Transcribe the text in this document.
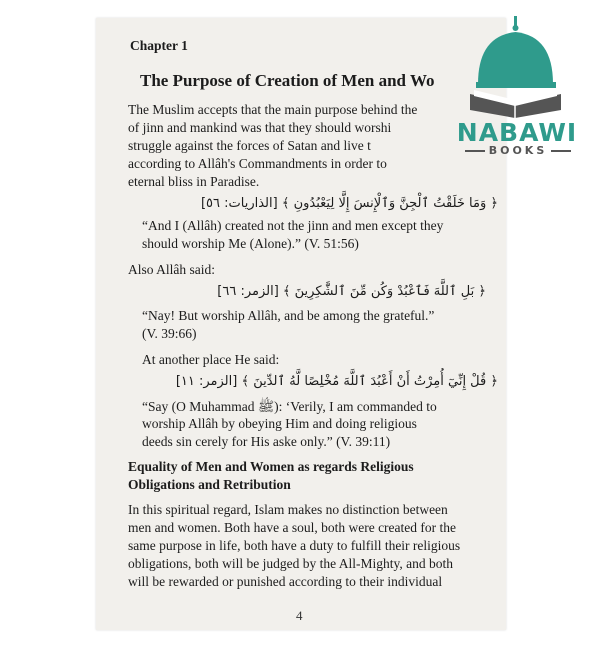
Chapter 1
The Purpose of Creation of Men and Wo
The Muslim accepts that the main purpose behind the
of jinn and mankind was that they should worshi
struggle against the forces of Satan and live t
according to Allâh's Commandments in order to
eternal bliss in Paradise.
﴿ وَمَا خَلَقْتُ ٱلْجِنَّ وَٱلْإِنسَ إِلَّا لِيَعْبُدُونِ ﴾ [الذاريات: ٥٦]
“And I (Allâh) created not the jinn and men except they
should worship Me (Alone).” (V. 51:56)
Also Allâh said:
﴿ بَلِ ٱللَّهَ فَٱعْبُدْ وَكُن مِّنَ ٱلشَّٰكِرِينَ ﴾ [الزمر: ٦٦]
“Nay! But worship Allâh, and be among the grateful.”
(V. 39:66)
At another place He said:
﴿ قُلْ إِنِّيٓ أُمِرْتُ أَنْ أَعْبُدَ ٱللَّهَ مُخْلِصًا لَّهُ ٱلدِّينَ ﴾ [الزمر: ١١]
“Say (O Muhammad ﷺ): ‘Verily, I am commanded to
worship Allâh by obeying Him and doing religious
deeds sin cerely for His askе only.” (V. 39:11)
Equality of Men and Women as regards Religious
Obligations and Retribution
In this spiritual regard, Islam makes no distinction between
men and women. Both have a soul, both were created for the
same purpose in life, both have a duty to fulfill their religious
obligations, both will be judged by the All-Mighty, and both
will be rewarded or punished according to their individual
4
NABAWI
BOOKS
